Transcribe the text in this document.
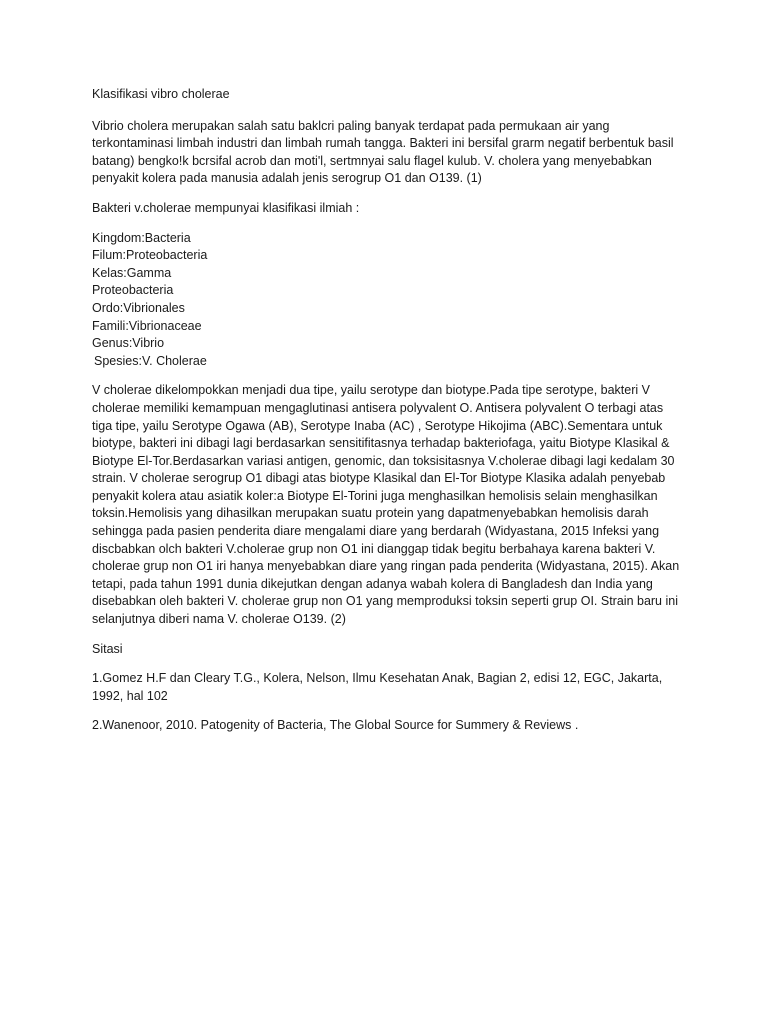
Klasifikasi vibro cholerae

Vibrio cholera merupakan salah satu baklcri paling banyak terdapat pada permukaan air yang terkontaminasi limbah industri dan limbah rumah tangga. Bakteri ini bersifal grarm negatif berbentuk basil batang) bengko!k bcrsifal acrob dan moti'l, sertmnyai salu flagel kulub. V. cholera yang menyebabkan penyakit kolera pada manusia adalah jenis serogrup O1 dan O139. (1)

Bakteri v.cholerae mempunyai klasifikasi ilmiah :

Kingdom:Bacteria
Filum:Proteobacteria
Kelas:Gamma
Proteobacteria
Ordo:Vibrionales
Famili:Vibrionaceae
Genus:Vibrio
Spesies:V. Cholerae

V cholerae dikelompokkan menjadi dua tipe, yailu serotype dan biotype.Pada tipe serotype, bakteri V cholerae memiliki kemampuan mengaglutinasi antisera polyvalent O. Antisera polyvalent O terbagi atas tiga tipe, yailu Serotype Ogawa (AB), Serotype Inaba (AC) , Serotype Hikojima (ABC).Sementara untuk biotype, bakteri ini dibagi lagi berdasarkan sensitifitasnya terhadap bakteriofaga, yaitu Biotype Klasikal & Biotype El-Tor.Berdasarkan variasi antigen, genomic, dan toksisitasnya V.cholerae dibagi lagi kedalam 30 strain. V cholerae serogrup O1 dibagi atas biotype Klasikal dan El-Tor Biotype Klasika adalah penyebab penyakit kolera atau asiatik koler:a Biotype El-Torini juga menghasilkan hemolisis selain menghasilkan toksin.Hemolisis yang dihasilkan merupakan suatu protein yang dapatmenyebabkan hemolisis darah sehingga pada pasien penderita diare mengalami diare yang berdarah (Widyastana, 2015 Infeksi yang discbabkan olch bakteri V.cholerae grup non O1 ini dianggap tidak begitu berbahaya karena bakteri V. cholerae grup non O1 iri hanya menyebabkan diare yang ringan pada penderita (Widyastana, 2015). Akan tetapi, pada tahun 1991 dunia dikejutkan dengan adanya wabah kolera di Bangladesh dan India yang disebabkan oleh bakteri V. cholerae grup non O1 yang memproduksi toksin seperti grup OI. Strain baru ini selanjutnya diberi nama V. cholerae O139. (2)

Sitasi

1.Gomez H.F dan Cleary T.G., Kolera, Nelson, Ilmu Kesehatan Anak, Bagian 2, edisi 12, EGC, Jakarta, 1992, hal 102

2.Wanenoor, 2010. Patogenity of Bacteria, The Global Source for Summery & Reviews .
